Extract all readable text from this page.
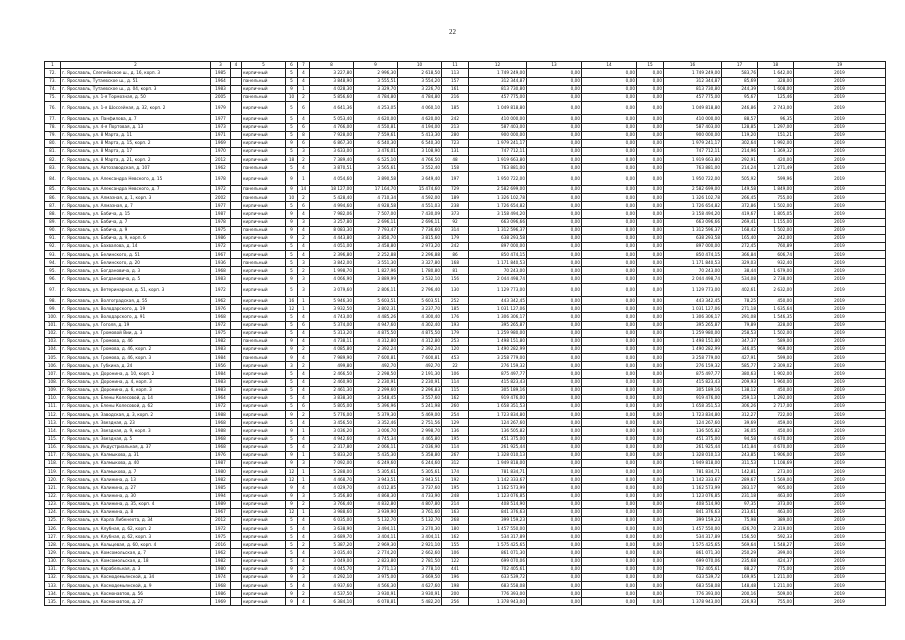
22
1	2	3	4	5	6	7	8	9	10	11	12	13	14	15	16	17	18	19
72.	г. Ярославль, Слепнёвское ш., д. 16, корп. 3	1985		кирпичный	5	4	3 227,80	2 996,30	2 618,50	113	1 749 249,00	0,00	0,00	0,00	1 749 249,00	583,76	1 642,00	2019
73.	г. Ярославль, Тутаевское ш., д. 51	1964		панельный	5	4	3 848,90	3 555,51	3 554,20	157	312 344,87	0,00	0,00	0,00	312 344,87	85,69	328,00	2019
74.	г. Ярославль, Тутаевское ш., д. 04, корп. 3	1983		кирпичный	9	1	4 028,30	3 329,70	3 226,70	161	813 730,80	0,00	0,00	0,00	813 730,80	244,39	1 608,00	2019
75.	г. Ярославль, ул. 1-я Тормозная, д. 50	2005		панельный	10	2	5 856,60	4 784,80	4 784,80	216	457 775,00	0,00	0,00	0,00	457 775,00	95,67	125,46	2019
76.	г. Ярославль, ул. 1-я Шоссейная, д. 32, корп. 2	1979		кирпичный	5	6	4 641,36	4 253,05	4 060,10	185	1 049 818,80	0,00	0,00	0,00	1 049 818,80	246,86	2 743,00	2019
77.	г. Ярославль, ул. Панфилова, д. 7	1977		кирпичный	5	4	5 053,40	4 620,00	4 620,00	242	410 000,00	0,00	0,00	0,00	410 000,00	88,57	96,35	2019
78.	г. Ярославль, ул. 4-я Портовая, д. 13	1973		кирпичный	5	6	4 766,00	4 550,81	4 194,00	213	587 403,00	0,00	0,00	0,00	587 403,00	128,85	1 297,00	2019
79.	г. Ярославль, ул. 8 Марта, д. 11	1971		кирпичный	5	8	7 928,00	7 559,61	5 413,30	280	900 000,00	0,00	0,00	0,00	900 000,00	119,20	151,21	2019
80.	г. Ярославль, ул. 8 Марта, д. 15, корп. 2	1969		кирпичный	9	6	6 867,30	6 540,30	6 540,30	723	1 979 241,17	0,00	0,00	0,00	1 979 241,17	302,64	1 992,00	2019
81.	г. Ярославль, ул. 8 Марта, д. 17	1970		кирпичный	5	3	3 633,00	3 476,01	3 108,90	131	747 712,11	0,00	0,00	0,00	747 712,11	214,96	1 369,32	2019
82.	г. Ярославль, ул. 8 Марта, д. 21, корп. 2	2012		кирпичный	18	2	7 389,40	6 525,10	4 766,50	48	1 919 663,80	0,00	0,00	0,00	1 919 663,80	292,91	420,00	2019
83.	г. Ярославль, ул. Автозаводская, д. 107	1962		панельный	5	4	3 870,51	3 565,61	3 552,40	158	763 881,00	0,00	0,00	0,00	763 881,00	214,24	1 271,49	2019
84.	г. Ярославль, ул. Александра Невского, д. 15	1978		кирпичный	9	1	4 054,60	3 890,58	3 649,40	197	1 950 722,00	0,00	0,00	0,00	1 950 722,00	505,92	599,96	2019
85.	г. Ярославль, ул. Александра Невского, д. 7	1972		панельный	9	14	18 127,00	17 164,70	15 474,60	729	2 582 699,00	0,00	0,00	0,00	2 582 699,00	149,58	1 849,00	2019
86.	г. Ярославль, ул. Алмазная, д. 1, корп. 3	2002		панельный	10	2	5 428,40	4 710,34	4 592,00	189	1 326 102,78	0,00	0,00	0,00	1 326 102,78	266,45	755,00	2019
87.	г. Ярославль, ул. Алмазная, д. 7	1977		кирпичный	5	6	4 994,60	4 928,58	4 551,03	238	1 726 654,82	0,00	0,00	0,00	1 726 654,82	372,86	1 502,00	2019
88.	г. Ярославль, ул. Бабича, д. 15	1987		кирпичный	9	4	7 982,06	7 507,00	7 430,09	373	3 158 494,20	0,00	0,00	0,00	3 158 494,20	419,67	1 805,05	2019
89.	г. Ярославль, ул. Бабича, д. 7	1978		кирпичный	9	3	3 257,80	2 696,11	2 696,11	92	663 096,66	0,00	0,00	0,00	663 096,66	269,41	1 155,00	2019
90.	г. Ярославль, ул. Бабича, д. 9	1975		панельный	9	4	8 083,30	7 793,47	7 736,60	314	1 312 596,37	0,00	0,00	0,00	1 312 596,37	168,42	1 502,00	2019
91.	г. Ярославль, ул. Бабича, д. 9, корп. 6	1986		кирпичный	9	2	4 443,80	3 850,70	3 815,60	179	638 293,58	0,00	0,00	0,00	638 293,58	165,40	242,00	2019
92.	г. Ярославль, ул. Бахвалова, д. 14	1972		кирпичный	5	4	4 051,00	3 458,80	2 973,20	242	897 000,00	0,00	0,00	0,00	897 000,00	272,45	760,89	2019
93.	г. Ярославль, ул. Белинского, д. 51	1967		кирпичный	5	4	2 396,80	2 252,88	2 296,88	86	850 474,15	0,00	0,00	0,00	850 474,15	366,84	606,74	2019
94.	г. Ярославль, ул. Белинского, д. 20	1936		панельный	5	3	3 842,00	3 551,30	3 327,80	168	1 171 840,53	0,00	0,00	0,00	1 171 840,53	329,03	932,40	2019
95.	г. Ярославль, ул. Богдановича, д. 3	1968		кирпичный	5	2	1 998,70	1 827,96	1 780,80	81	70 243,00	0,00	0,00	0,00	70 243,00	38,44	1 679,00	2019
96.	г. Ярославль, ул. Богдановича, д. 5	1983		кирпичный	9	3	4 066,90	3 889,99	3 532,10	156	2 044 498,74	0,00	0,00	0,00	2 044 498,74	534,08	2 738,00	2019
97.	г. Ярославль, ул. Ветеринарная, д. 51, корп. 3	1972		кирпичный	5	3	3 079,60	2 806,11	2 796,40	130	1 129 773,00	0,00	0,00	0,00	1 129 773,00	402,61	2 632,00	2019
98.	г. Ярославль, ул. Волгоградская, д. 55	1962		кирпичный	16	1	5 946,30	5 603,51	5 603,51	252	443 342,45	0,00	0,00	0,00	443 342,45	78,25	450,00	2019
99.	г. Ярославль, ул. Володарского, д. 19	1976		кирпичный	12	1	3 932,50	3 802,31	3 237,70	185	1 031 127,06	0,00	0,00	0,00	1 031 127,06	271,18	1 635,64	2019
100.	г. Ярославль, ул. Володарского, д. 91	1968		кирпичный	5	4	4 743,00	4 485,26	4 300,40	176	1 306 306,17	0,00	0,00	0,00	1 306 306,17	291,08	1 546,35	2019
101.	г. Ярославль, ул. Гоголя, д. 19	1972		кирпичный	5	6	5 374,00	4 947,60	4 302,40	193	395 265,87	0,00	0,00	0,00	395 265,87	79,89	328,00	2019
102.	г. Ярославль, ул. Громовой Вии, д. 3	1975		кирпичный	5	4	5 313,20	4 875,50	4 875,50	179	1 259 980,00	0,00	0,00	0,00	1 259 980,00	258,53	1 502,00	2019
103.	г. Ярославль, ул. Громова, д. 46	1982		панельный	9	4	4 738,11	4 312,80	4 312,80	253	1 498 151,80	0,00	0,00	0,00	1 498 151,80	347,37	589,00	2019
104.	г. Ярославль, ул. Громова, д. 46, корп. 2	1983		кирпичный	9	2	4 085,80	2 392,24	2 392,24	120	1 490 282,99	0,00	0,00	0,00	1 490 282,99	346,05	969,00	2019
105.	г. Ярославль, ул. Громова, д. 46, корп. 3	1984		панельный	9	4	7 989,90	7 600,81	7 600,81	453	3 258 779,00	0,00	0,00	0,00	3 258 779,00	427,91	599,00	2019
106.	г. Ярославль, ул. Губкина, д. 24	1956		кирпичный	3	2	499,80	492,70	492,70	22	276 159,32	0,00	0,00	0,00	276 159,32	585,77	2 309,02	2019
107.	г. Ярославль, ул. Доронина, д. 10, корп. 2	1984		кирпичный	5	4	2 466,50	2 298,50	2 191,30	106	875 497,77	0,00	0,00	0,00	875 497,77	380,63	1 902,00	2019
108.	г. Ярославль, ул. Доронина, д. 4, корп. 3	1983		кирпичный	5	4	2 460,90	2 230,91	2 230,91	114	415 823,43	0,00	0,00	0,00	415 823,43	209,93	1 960,00	2019
109.	г. Ярославль, ул. Доронина, д. 6, корп. 3	1983		кирпичный	5	4	2 461,30	2 299,60	2 296,83	115	305 189,16	0,00	0,00	0,00	305 189,16	138,12	450,00	2019
110.	г. Ярославль, ул. Елены Колесовой, д. 14	1964		кирпичный	5	4	3 838,30	3 548,45	3 557,60	162	919 476,00	0,00	0,00	0,00	919 476,00	259,13	1 292,00	2019
111.	г. Ярославль, ул. Елены Колесовой, д. 62	1972		кирпичный	5	6	5 805,00	5 396,96	5 241,98	260	1 658 351,53	0,00	0,00	0,00	1 658 351,53	306,26	2 717,00	2019
112.	г. Ярославль, ул. Заводская, д. 3, корп. 2	1988		кирпичный	9	2	5 776,00	5 379,30	5 469,00	254	1 723 834,80	0,00	0,00	0,00	1 723 834,80	312,27	722,00	2019
113.	г. Ярославль, ул. Звездная, д. 23	1968		кирпичный	5	4	3 456,50	3 352,46	2 751,56	129	124 267,60	0,00	0,00	0,00	124 267,60	39,69	459,00	2019
114.	г. Ярославль, ул. Звездная, д. 9, корп. 3	1988		кирпичный	9	1	3 036,20	3 006,70	2 998,70	136	136 505,82	0,00	0,00	0,00	136 505,82	36,05	450,00	2019
115.	г. Ярославль, ул. Звездная, д. 5	1968		кирпичный	5	4	4 942,60	4 745,34	4 465,80	195	451 375,00	0,00	0,00	0,00	451 375,00	94,58	4 670,00	2019
116.	г. Ярославль, ул. Индустриальная, д. 37	1968		кирпичный	5	4	2 317,80	2 066,11	2 036,90	114	261 925,44	0,00	0,00	0,00	261 925,44	141,84	4 670,00	2019
117.	г. Ярославль, ул. Калмыкова, д. 31	1976		кирпичный	9	1	5 833,20	5 435,30	5 358,80	267	1 328 010,13	0,00	0,00	0,00	1 328 010,13	243,85	1 906,00	2019
118.	г. Ярославль, ул. Калмыкова, д. 40	1987		кирпичный	9	3	7 092,00	6 249,60	6 244,60	312	1 949 818,00	0,00	0,00	0,00	1 949 818,00	311,53	1 108,69	2019
119.	г. Ярославль, ул. Калмыкова, д. 7	1980		кирпичный	12	1	5 288,00	5 305,61	5 305,61	174	781 834,71	0,00	0,00	0,00	781 834,71	142,81	273,00	2019
120.	г. Ярославль, ул. Калинина, д. 13	1982		кирпичный	12	1	4 468,70	3 943,51	3 943,51	192	1 142 333,67	0,00	0,00	0,00	1 142 333,67	289,67	1 569,00	2019
121.	г. Ярославль, ул. Калинина, д. 27	1985		кирпичный	9	4	4 029,70	4 012,85	3 737,60	195	1 162 573,99	0,00	0,00	0,00	1 162 573,99	283,17	905,00	2019
122.	г. Ярославль, ул. Калинина, д. 30	1994		кирпичный	9	3	5 356,80	4 868,30	4 733,90	248	1 123 076,85	0,00	0,00	0,00	1 123 076,85	231,18	463,00	2019
123.	г. Ярославль, ул. Калинина, д. 35, корп. 4	1989		кирпичный	9	2	3 766,40	4 832,80	4 807,80	214	408 514,90	0,00	0,00	0,00	408 514,90	97,35	373,00	2019
124.	г. Ярославль, ул. Калинина, д. 8	1967		кирпичный	12	1	3 988,60	3 939,90	3 761,60	163	841 376,63	0,00	0,00	0,00	841 376,63	213,61	463,00	2019
125.	г. Ярославль, ул. Карла Либкнехта, д. 34	2012		кирпичный	5	4	6 035,00	5 132,70	5 132,70	268	399 159,23	0,00	0,00	0,00	399 159,23	75,98	389,00	2019
126.	г. Ярославль, ул. Клубная, д. 62, корп. 2	1972		кирпичный	5	4	3 638,90	3 494,11	3 270,30	180	1 457 550,00	0,00	0,00	0,00	1 457 550,00	426,70	2 319,00	2019
127.	г. Ярославль, ул. Клубная, д. 62, корп. 3	1975		кирпичный	5	4	3 689,70	3 404,11	3 404,11	162	534 317,89	0,00	0,00	0,00	534 317,89	156,50	592,33	2019
128.	г. Ярославль, ул. Кольцевая, д. 60, корп. 4	2016		кирпичный	5	2	5 387,20	2 969,30	2 921,10	155	1 575 425,65	0,00	0,00	0,00	1 575 425,65	569,64	1 548,27	2019
129.	г. Ярославль, ул. Комсомольская, д. 7	1962		кирпичный	5	4	3 035,40	2 774,20	2 662,60	106	861 071,30	0,00	0,00	0,00	861 071,30	250,29	399,00	2019
130.	г. Ярославль, ул. Комсомольская, д. 18	1982		кирпичный	5	4	3 049,00	2 823,80	2 781,50	122	699 070,06	0,00	0,00	0,00	699 070,06	235,68	424,37	2019
131.	г. Ярославль, ул. Корабельная, д. 3	1980		кирпичный	9	2	4 045,70	3 771,13	3 778,10	441	702 405,61	0,00	0,00	0,00	702 405,61	88,27	775,00	2019
132.	г. Ярославль, ул. Космодемьянской, д. 34	1974		кирпичный	9	3	4 292,10	3 975,00	3 669,50	196	633 539,72	0,00	0,00	0,00	633 539,72	169,95	1 211,00	2019
133.	г. Ярославль, ул. Космодемьянской, д. 9	1968		кирпичный	5	4	4 937,60	4 566,30	4 627,60	198	683 558,08	0,00	0,00	0,00	683 558,08	148,48	1 211,00	2019
134.	г. Ярославль, ул. Космонавтов, д. 56	1986		кирпичный	9	2	4 537,50	3 930,91	3 930,91	200	776 393,00	0,00	0,00	0,00	776 393,00	200,16	509,00	2019
135.	г. Ярославль, ул. Космонавтов, д. 27	1969		кирпичный	9	4	6 384,10	6 078,81	5 482,20	256	1 378 943,00	0,00	0,00	0,00	1 378 943,00	226,93	755,00	2019
